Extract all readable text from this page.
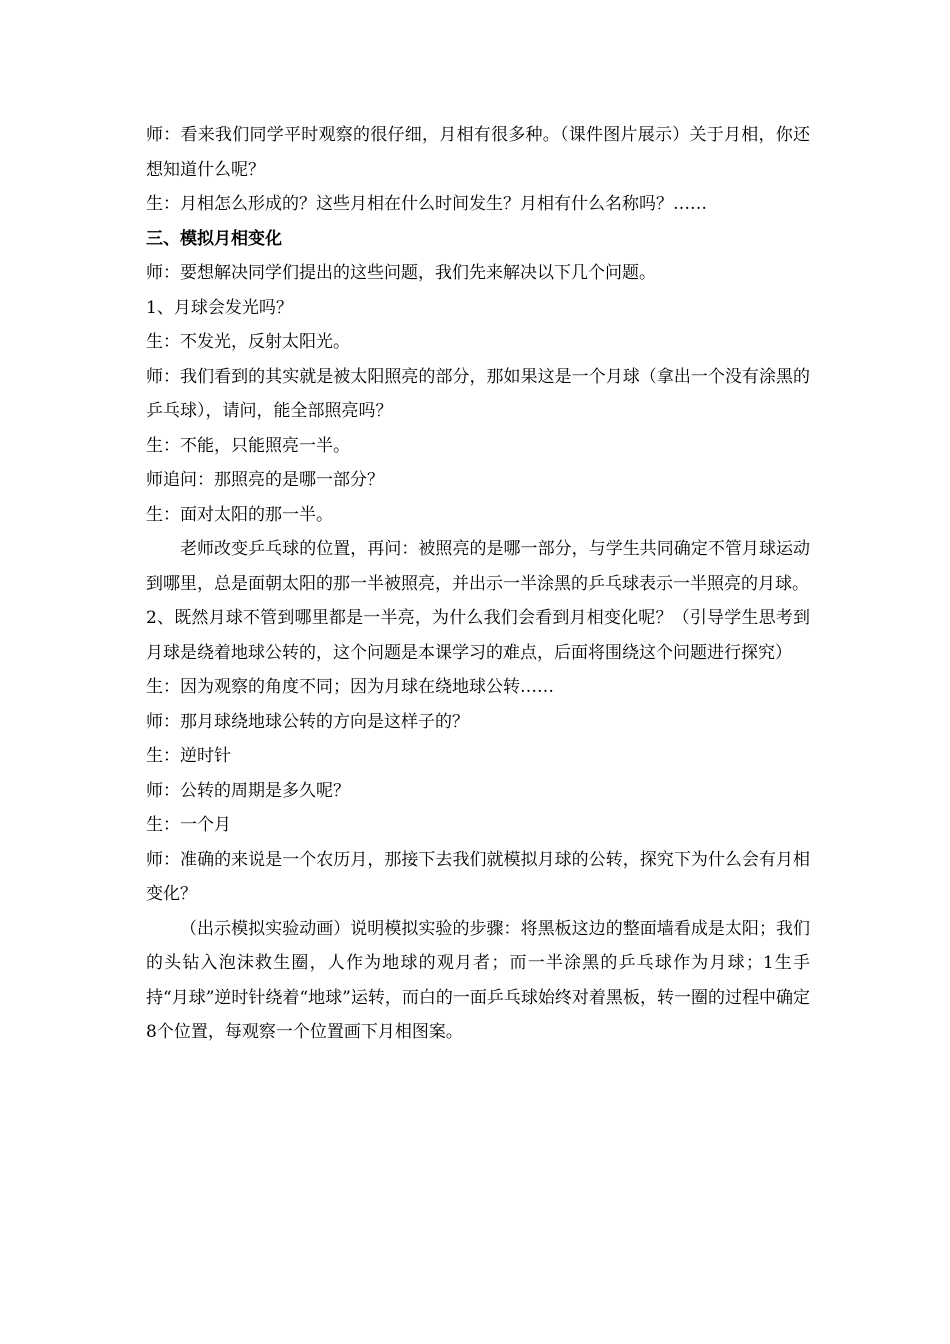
师：看来我们同学平时观察的很仔细，月相有很多种。（课件图片展示）关于月相，你还想知道什么呢？

生：月相怎么形成的？这些月相在什么时间发生？月相有什么名称吗？……

三、模拟月相变化

师：要想解决同学们提出的这些问题，我们先来解决以下几个问题。

1、月球会发光吗？

生：不发光，反射太阳光。

师：我们看到的其实就是被太阳照亮的部分，那如果这是一个月球（拿出一个没有涂黑的乒乓球），请问，能全部照亮吗？

生：不能，只能照亮一半。

师追问：那照亮的是哪一部分？

生：面对太阳的那一半。

老师改变乒乓球的位置，再问：被照亮的是哪一部分，与学生共同确定不管月球运动到哪里，总是面朝太阳的那一半被照亮，并出示一半涂黑的乒乓球表示一半照亮的月球。

2、既然月球不管到哪里都是一半亮，为什么我们会看到月相变化呢？（引导学生思考到月球是绕着地球公转的，这个问题是本课学习的难点，后面将围绕这个问题进行探究）

生：因为观察的角度不同；因为月球在绕地球公转……

师：那月球绕地球公转的方向是这样子的？

生：逆时针

师：公转的周期是多久呢？

生：一个月

师：准确的来说是一个农历月，那接下去我们就模拟月球的公转，探究下为什么会有月相变化？

（出示模拟实验动画）说明模拟实验的步骤：将黑板这边的整面墙看成是太阳；我们的头钻入泡沫救生圈，人作为地球的观月者；而一半涂黑的乒乓球作为月球；1生手持“月球”逆时针绕着“地球”运转，而白的一面乒乓球始终对着黑板，转一圈的过程中确定8个位置，每观察一个位置画下月相图案。
